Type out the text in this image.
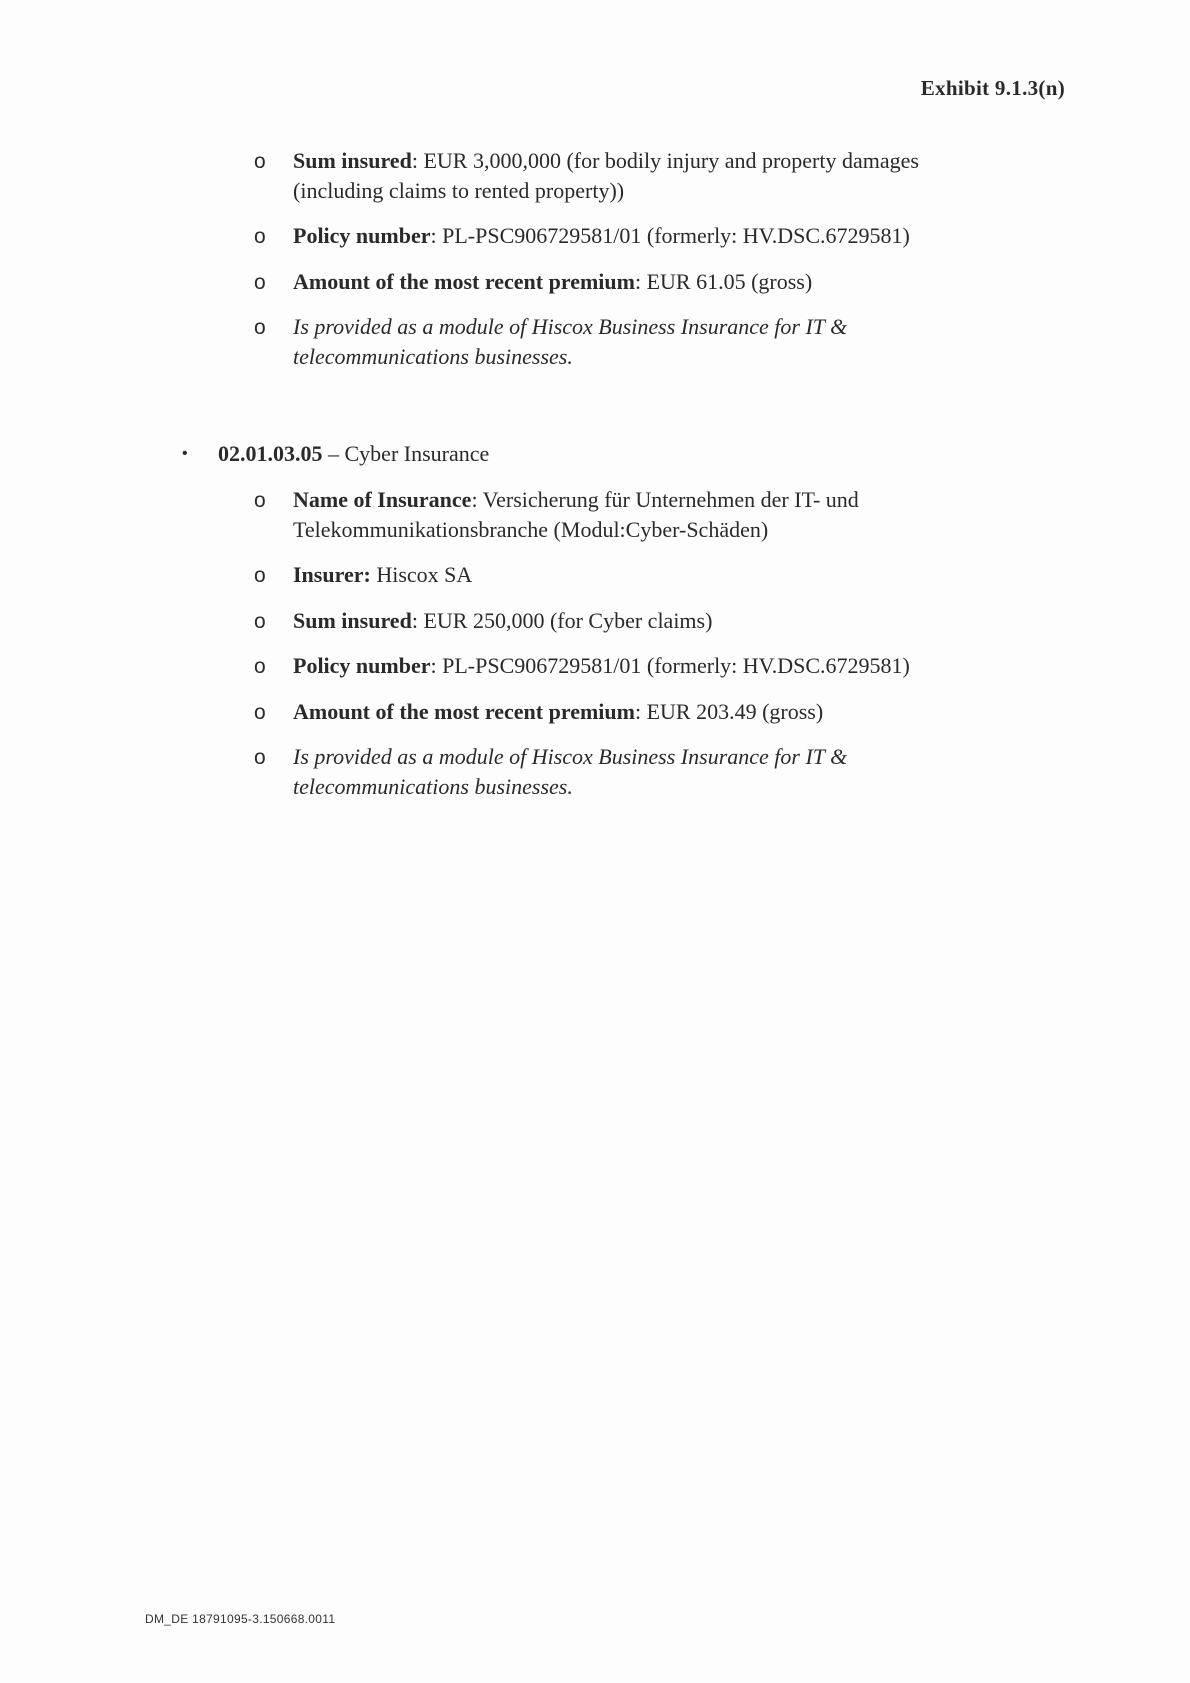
Exhibit 9.1.3(n)
o Sum insured: EUR 3,000,000 (for bodily injury and property damages (including claims to rented property))
o Policy number: PL-PSC906729581/01 (formerly: HV.DSC.6729581)
o Amount of the most recent premium: EUR 61.05 (gross)
o Is provided as a module of Hiscox Business Insurance for IT & telecommunications businesses.
• 02.01.03.05 – Cyber Insurance
o Name of Insurance: Versicherung für Unternehmen der IT- und Telekommunikationsbranche (Modul:Cyber-Schäden)
o Insurer: Hiscox SA
o Sum insured: EUR 250,000 (for Cyber claims)
o Policy number: PL-PSC906729581/01 (formerly: HV.DSC.6729581)
o Amount of the most recent premium: EUR 203.49 (gross)
o Is provided as a module of Hiscox Business Insurance for IT & telecommunications businesses.
DM_DE 18791095-3.150668.0011
